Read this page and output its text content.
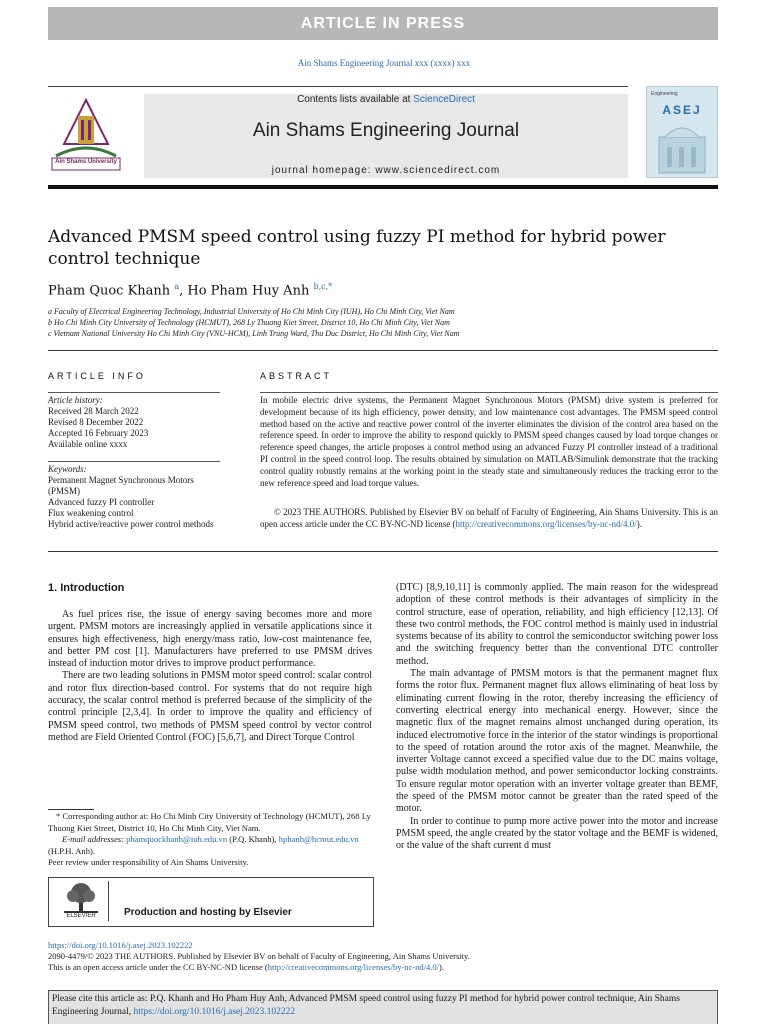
ARTICLE IN PRESS
Ain Shams Engineering Journal xxx (xxxx) xxx
Ain Shams University
Contents lists available at ScienceDirect
Ain Shams Engineering Journal
journal homepage: www.sciencedirect.com
Engineering
ASEJ
Advanced PMSM speed control using fuzzy PI method for hybrid power control technique
Pham Quoc Khanh $^a$, Ho Pham Huy Anh $^{b,c,*}$
a Faculty of Electrical Engineering Technology, Industrial University of Ho Chi Minh City (IUH), Ho Chi Minh City, Viet Nam
b Ho Chi Minh City University of Technology (HCMUT), 268 Ly Thuong Kiet Street, District 10, Ho Chi Minh City, Viet Nam
c Vietnam National University Ho Chi Minh City (VNU-HCM), Linh Trung Ward, Thu Duc District, Ho Chi Minh City, Viet Nam
ARTICLE INFO	ABSTRACT
Article history:
Received 28 March 2022
Revised 8 December 2022
Accepted 16 February 2023
Available online xxxx
Keywords:
Permanent Magnet Synchronous Motors (PMSM)
Advanced fuzzy PI controller
Flux weakening control
Hybrid active/reactive power control methods
In mobile electric drive systems, the Permanent Magnet Synchronous Motors (PMSM) drive system is preferred for development because of its high efficiency, power density, and low maintenance cost advantages. The PMSM speed control method based on the active and reactive power control of the inverter eliminates the division of the control area based on the reference speed. In order to improve the ability to respond quickly to PMSM speed changes caused by load torque changes or reference speed changes, the article proposes a control method using an advanced Fuzzy PI controller instead of a traditional PI control in the speed control loop. The results obtained by simulation on MATLAB/Simulink demonstrate that the tracking control quality robustly remains at the working point in the steady state and simultaneously reduces the tracking error to the new reference speed and load torque values.
© 2023 THE AUTHORS. Published by Elsevier BV on behalf of Faculty of Engineering, Ain Shams University. This is an open access article under the CC BY-NC-ND license (http://creativecommons.org/licenses/by-nc-nd/4.0/).
1. Introduction

As fuel prices rise, the issue of energy saving becomes more and more urgent. PMSM motors are increasingly applied in versatile applications since it ensures high effectiveness, high energy/mass ratio, low-cost maintenance fee, and better PM cost [1]. Manufacturers have preferred to use PMSM drives instead of induction motor drives to improve product performance.

There are two leading solutions in PMSM motor speed control: scalar control and rotor flux direction-based control. For systems that do not require high accuracy, the scalar control method is preferred because of the simplicity of the control principle [2,3,4]. In order to improve the quality and efficiency of PMSM speed control, two methods of PMSM speed control by vector control method are Field Oriented Control (FOC) [5,6,7], and Direct Torque Control

(DTC) [8,9,10,11] is commonly applied. The main reason for the widespread adoption of these control methods is their advantages of simplicity in the control structure, ease of operation, reliability, and high efficiency [12,13]. Of these two control methods, the FOC control method is mainly used in industrial systems because of its ability to control the semiconductor switching power loss and the switching frequency better than the conventional DTC controller method.

The main advantage of PMSM motors is that the permanent magnet flux forms the rotor flux. Permanent magnet flux allows eliminating of heat loss by eliminating current flowing in the rotor, thereby increasing the efficiency of converting electrical energy into mechanical energy. However, since the magnetic flux of the magnet remains almost unchanged during operation, its induced electromotive force in the interior of the stator windings is proportional to the speed of rotation around the rotor axis of the magnet. Meanwhile, the inverter Voltage cannot exceed a specified value due to the DC mains voltage, pulse width modulation method, and power semiconductor locking constraints. To ensure regular motor operation with an inverter voltage greater than BEMF, the speed of the PMSM motor cannot be greater than the rated speed of the motor.

In order to continue to pump more active power into the motor and increase PMSM speed, the angle created by the stator voltage and the BEMF is widened, or the value of the shaft current d must

* Corresponding author at: Ho Chi Minh City University of Technology (HCMUT), 268 Ly Thuong Kiet Street, District 10, Ho Chi Minh City, Viet Nam.
E-mail addresses: phamquockhanh@iuh.edu.vn (P.Q. Khanh), hphanh@hcmut.edu.vn (H.P.H. Anh).
Peer review under responsibility of Ain Shams University.
ELSEVIER	Production and hosting by Elsevier
https://doi.org/10.1016/j.asej.2023.102222
2090-4479/© 2023 THE AUTHORS. Published by Elsevier BV on behalf of Faculty of Engineering, Ain Shams University.
This is an open access article under the CC BY-NC-ND license (http://creativecommons.org/licenses/by-nc-nd/4.0/).
Please cite this article as: P.Q. Khanh and Ho Pham Huy Anh, Advanced PMSM speed control using fuzzy PI method for hybrid power control technique, Ain Shams Engineering Journal, https://doi.org/10.1016/j.asej.2023.102222
